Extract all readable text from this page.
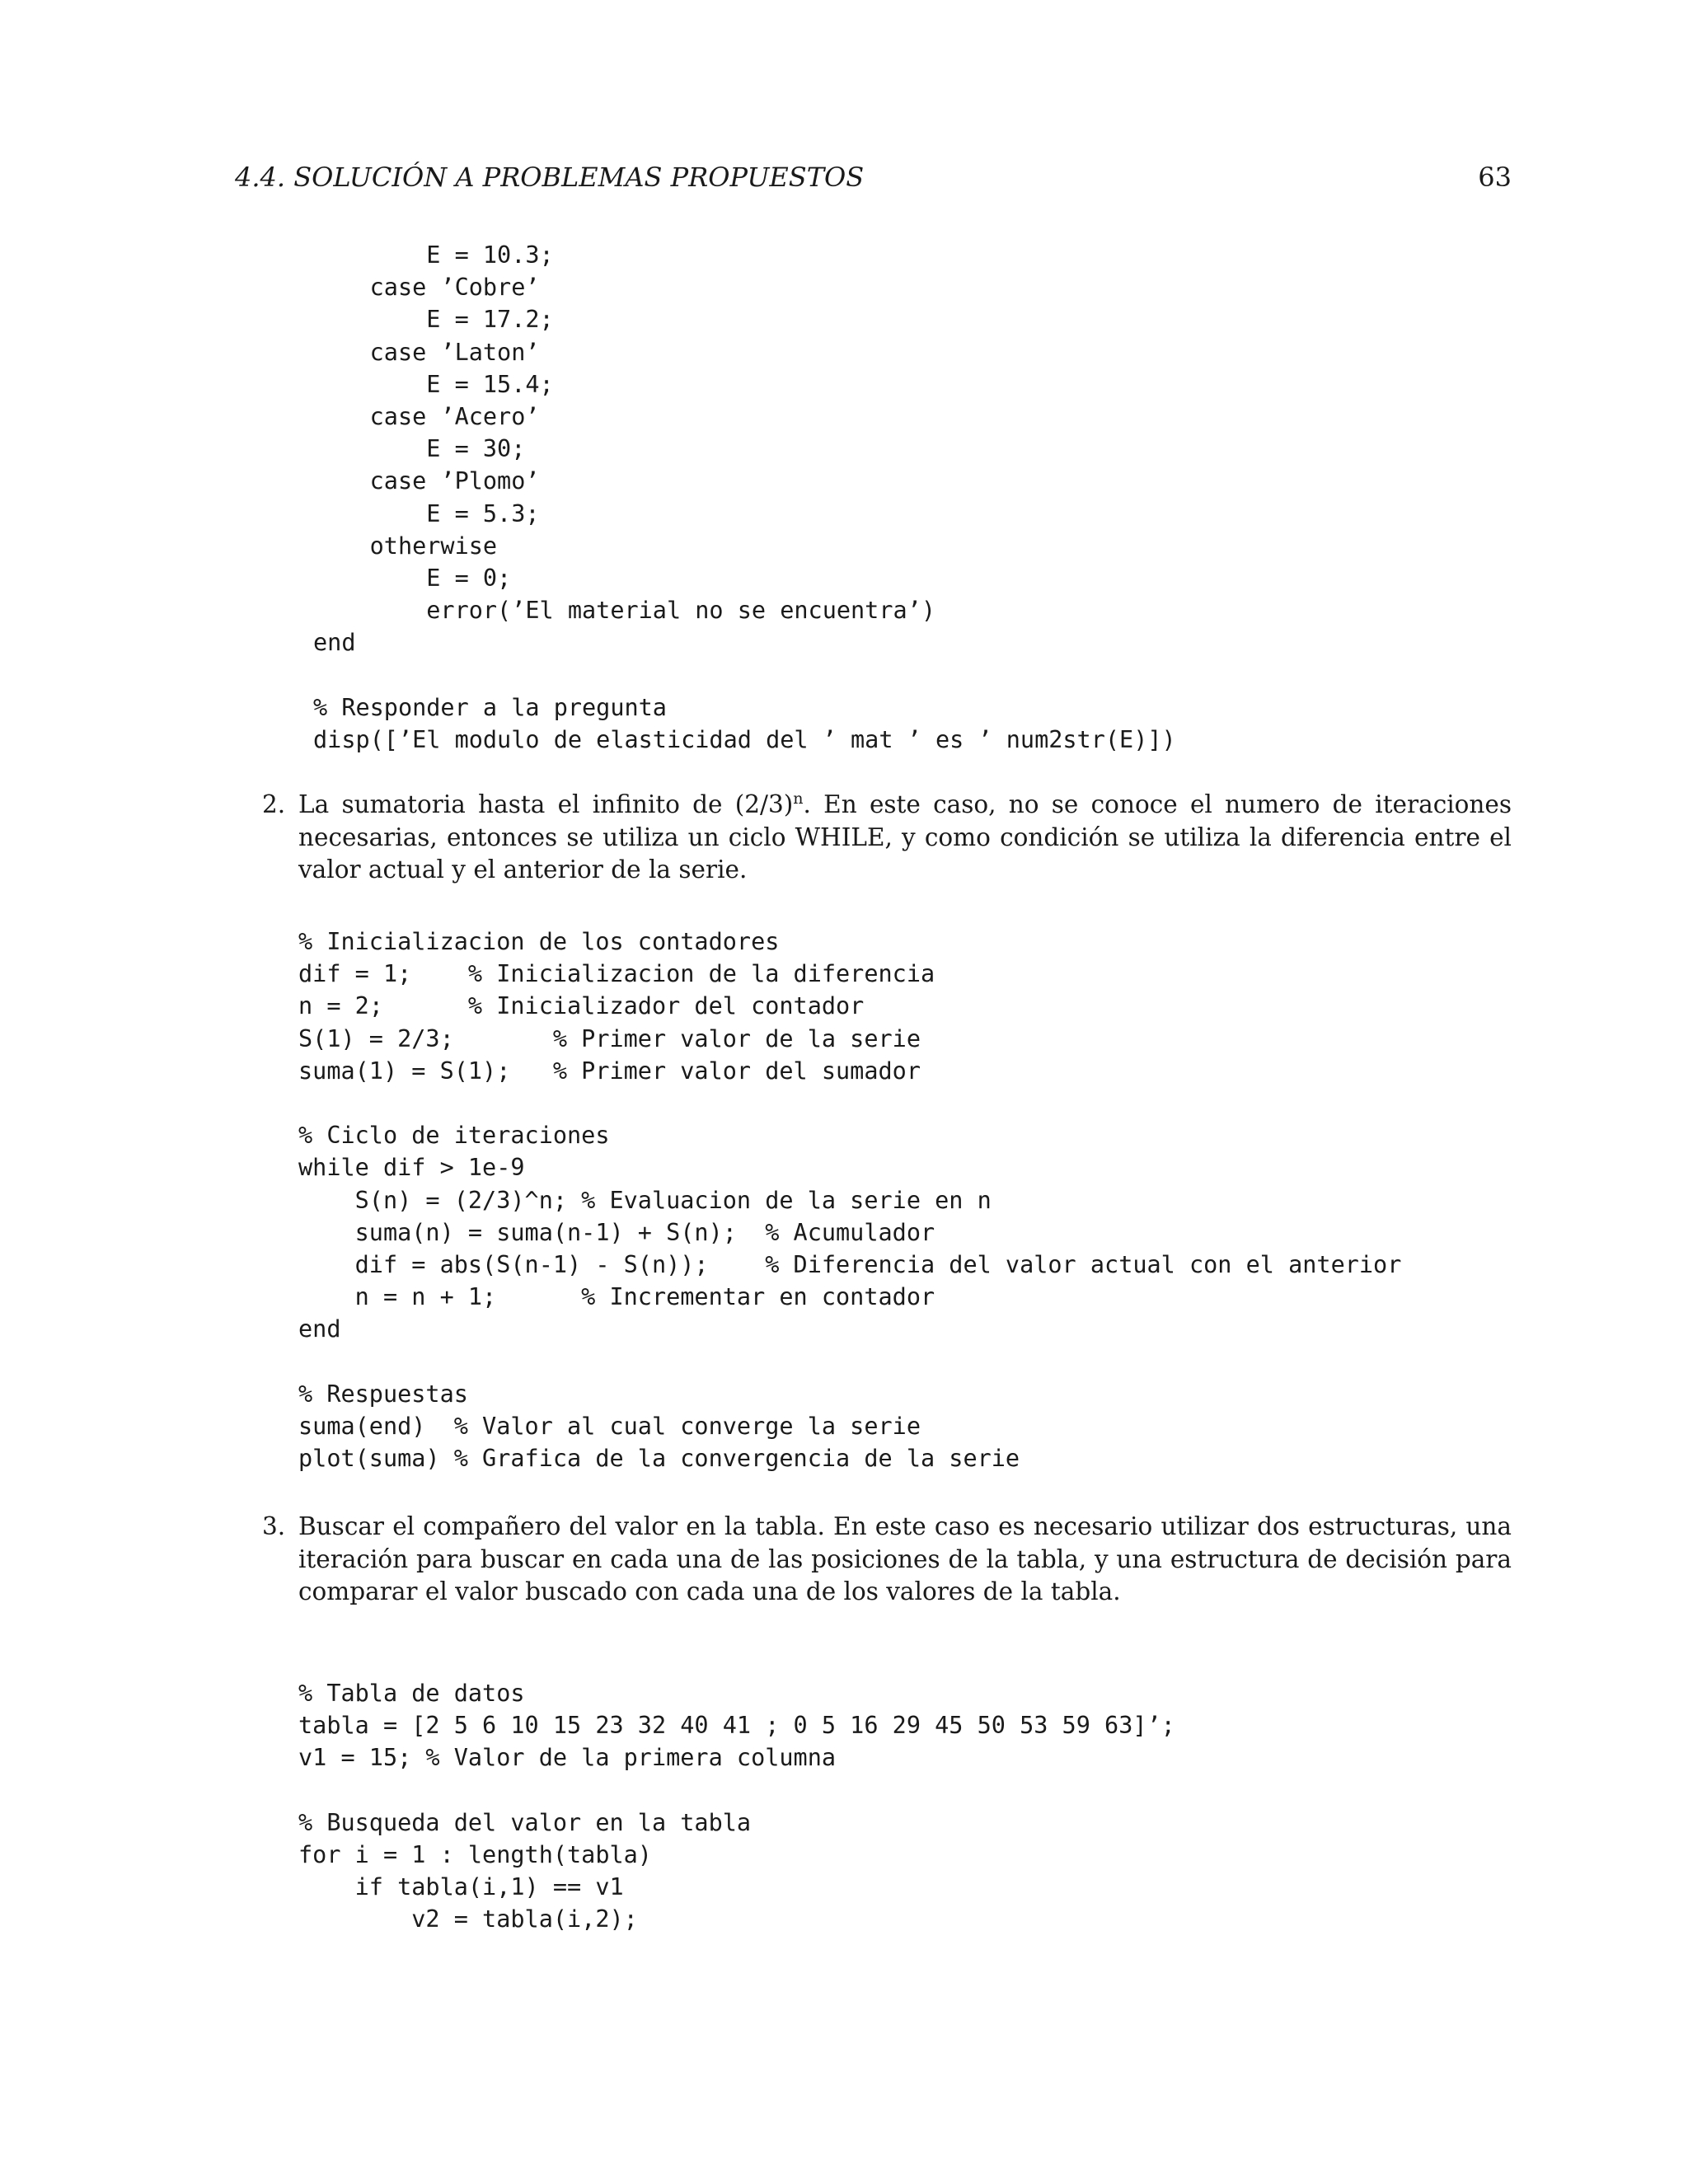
4.4. SOLUCIÓN A PROBLEMAS PROPUESTOS	63
E = 10.3;
case ’Cobre’
E = 17.2;
case ’Laton’
E = 15.4;
case ’Acero’
E = 30;
case ’Plomo’
E = 5.3;
otherwise
E = 0;
error(’El material no se encuentra’)
end

% Responder a la pregunta
disp([’El modulo de elasticidad del ’ mat ’ es ’ num2str(E)])
2. La sumatoria hasta el infinito de $(2/3)^n$. En este caso, no se conoce el numero de iteraciones necesarias, entonces se utiliza un ciclo WHILE, y como condición se utiliza la diferencia entre el valor actual y el anterior de la serie.
% Inicializacion de los contadores
dif = 1;    % Inicializacion de la diferencia
n = 2;      % Inicializador del contador
S(1) = 2/3;       % Primer valor de la serie
suma(1) = S(1);   % Primer valor del sumador

% Ciclo de iteraciones
while dif > 1e-9
S(n) = (2/3)^n; % Evaluacion de la serie en n
suma(n) = suma(n-1) + S(n);  % Acumulador
dif = abs(S(n-1) - S(n));    % Diferencia del valor actual con el anterior
n = n + 1;      % Incrementar en contador
end

% Respuestas
suma(end)  % Valor al cual converge la serie
plot(suma) % Grafica de la convergencia de la serie
3. Buscar el compañero del valor en la tabla. En este caso es necesario utilizar dos estructuras, una iteración para buscar en cada una de las posiciones de la tabla, y una estructura de decisión para comparar el valor buscado con cada una de los valores de la tabla.
% Tabla de datos
tabla = [2 5 6 10 15 23 32 40 41 ; 0 5 16 29 45 50 53 59 63]’;
v1 = 15; % Valor de la primera columna

% Busqueda del valor en la tabla
for i = 1 : length(tabla)
if tabla(i,1) == v1
v2 = tabla(i,2);
